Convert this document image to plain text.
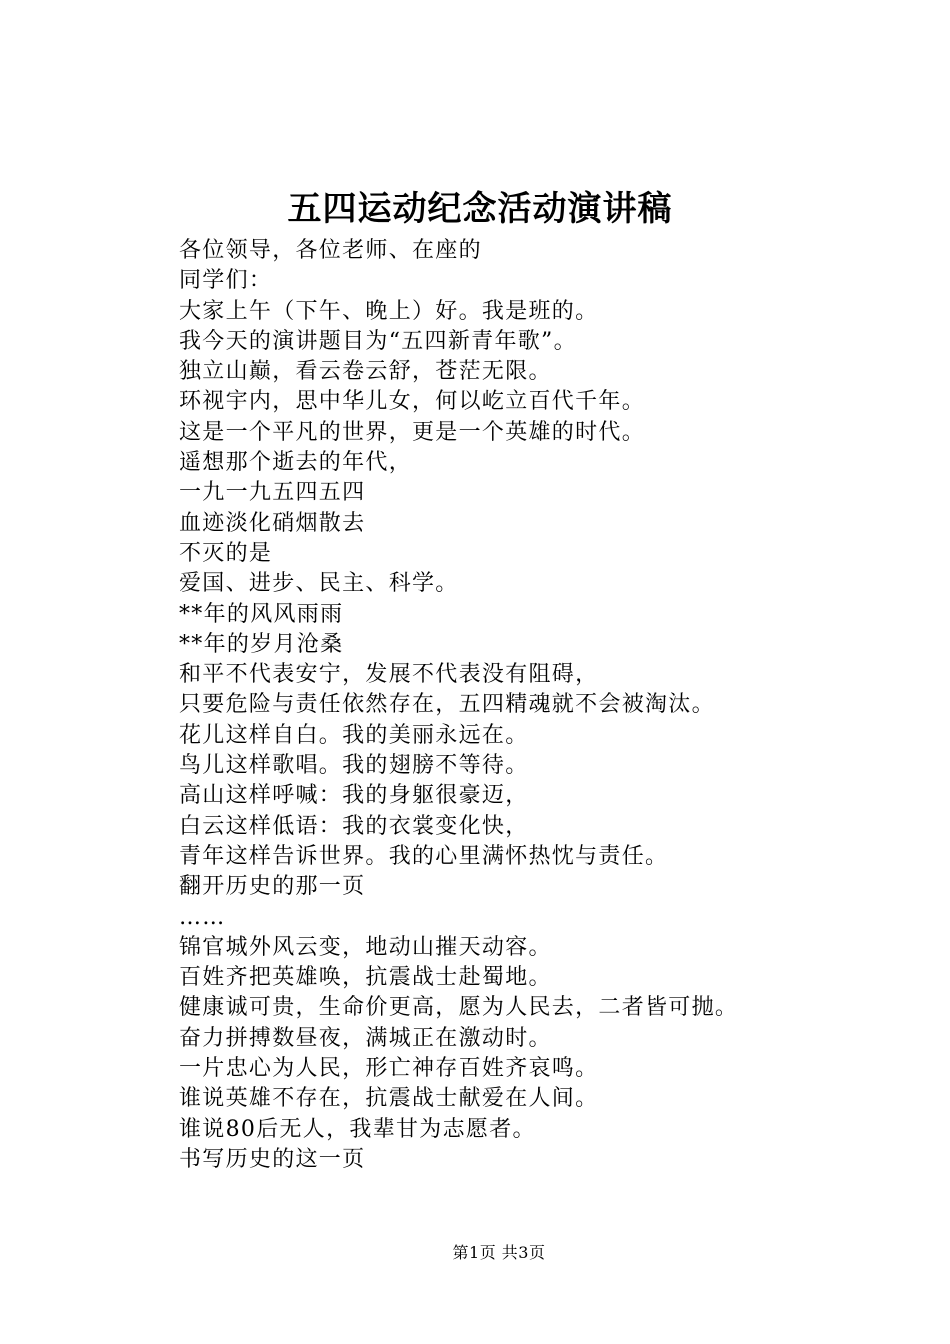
五四运动纪念活动演讲稿
各位领导，各位老师、在座的
同学们：
大家上午（下午、晚上）好。我是班的。
我今天的演讲题目为“五四新青年歌”。
独立山巅，看云卷云舒，苍茫无限。
环视宇内，思中华儿女，何以屹立百代千年。
这是一个平凡的世界，更是一个英雄的时代。
遥想那个逝去的年代，
一九一九五四五四
血迹淡化硝烟散去
不灭的是
爱国、进步、民主、科学。
**年的风风雨雨
**年的岁月沧桑
和平不代表安宁，发展不代表没有阻碍，
只要危险与责任依然存在，五四精魂就不会被淘汰。
花儿这样自白。我的美丽永远在。
鸟儿这样歌唱。我的翅膀不等待。
高山这样呼喊：我的身躯很豪迈，
白云这样低语：我的衣裳变化快，
青年这样告诉世界。我的心里满怀热忱与责任。
翻开历史的那一页
……
锦官城外风云变，地动山摧天动容。
百姓齐把英雄唤，抗震战士赴蜀地。
健康诚可贵，生命价更高，愿为人民去，二者皆可抛。
奋力拼搏数昼夜，满城正在激动时。
一片忠心为人民，形亡神存百姓齐哀鸣。
谁说英雄不存在，抗震战士献爱在人间。
谁说80后无人，我辈甘为志愿者。
书写历史的这一页
第1页 共3页
